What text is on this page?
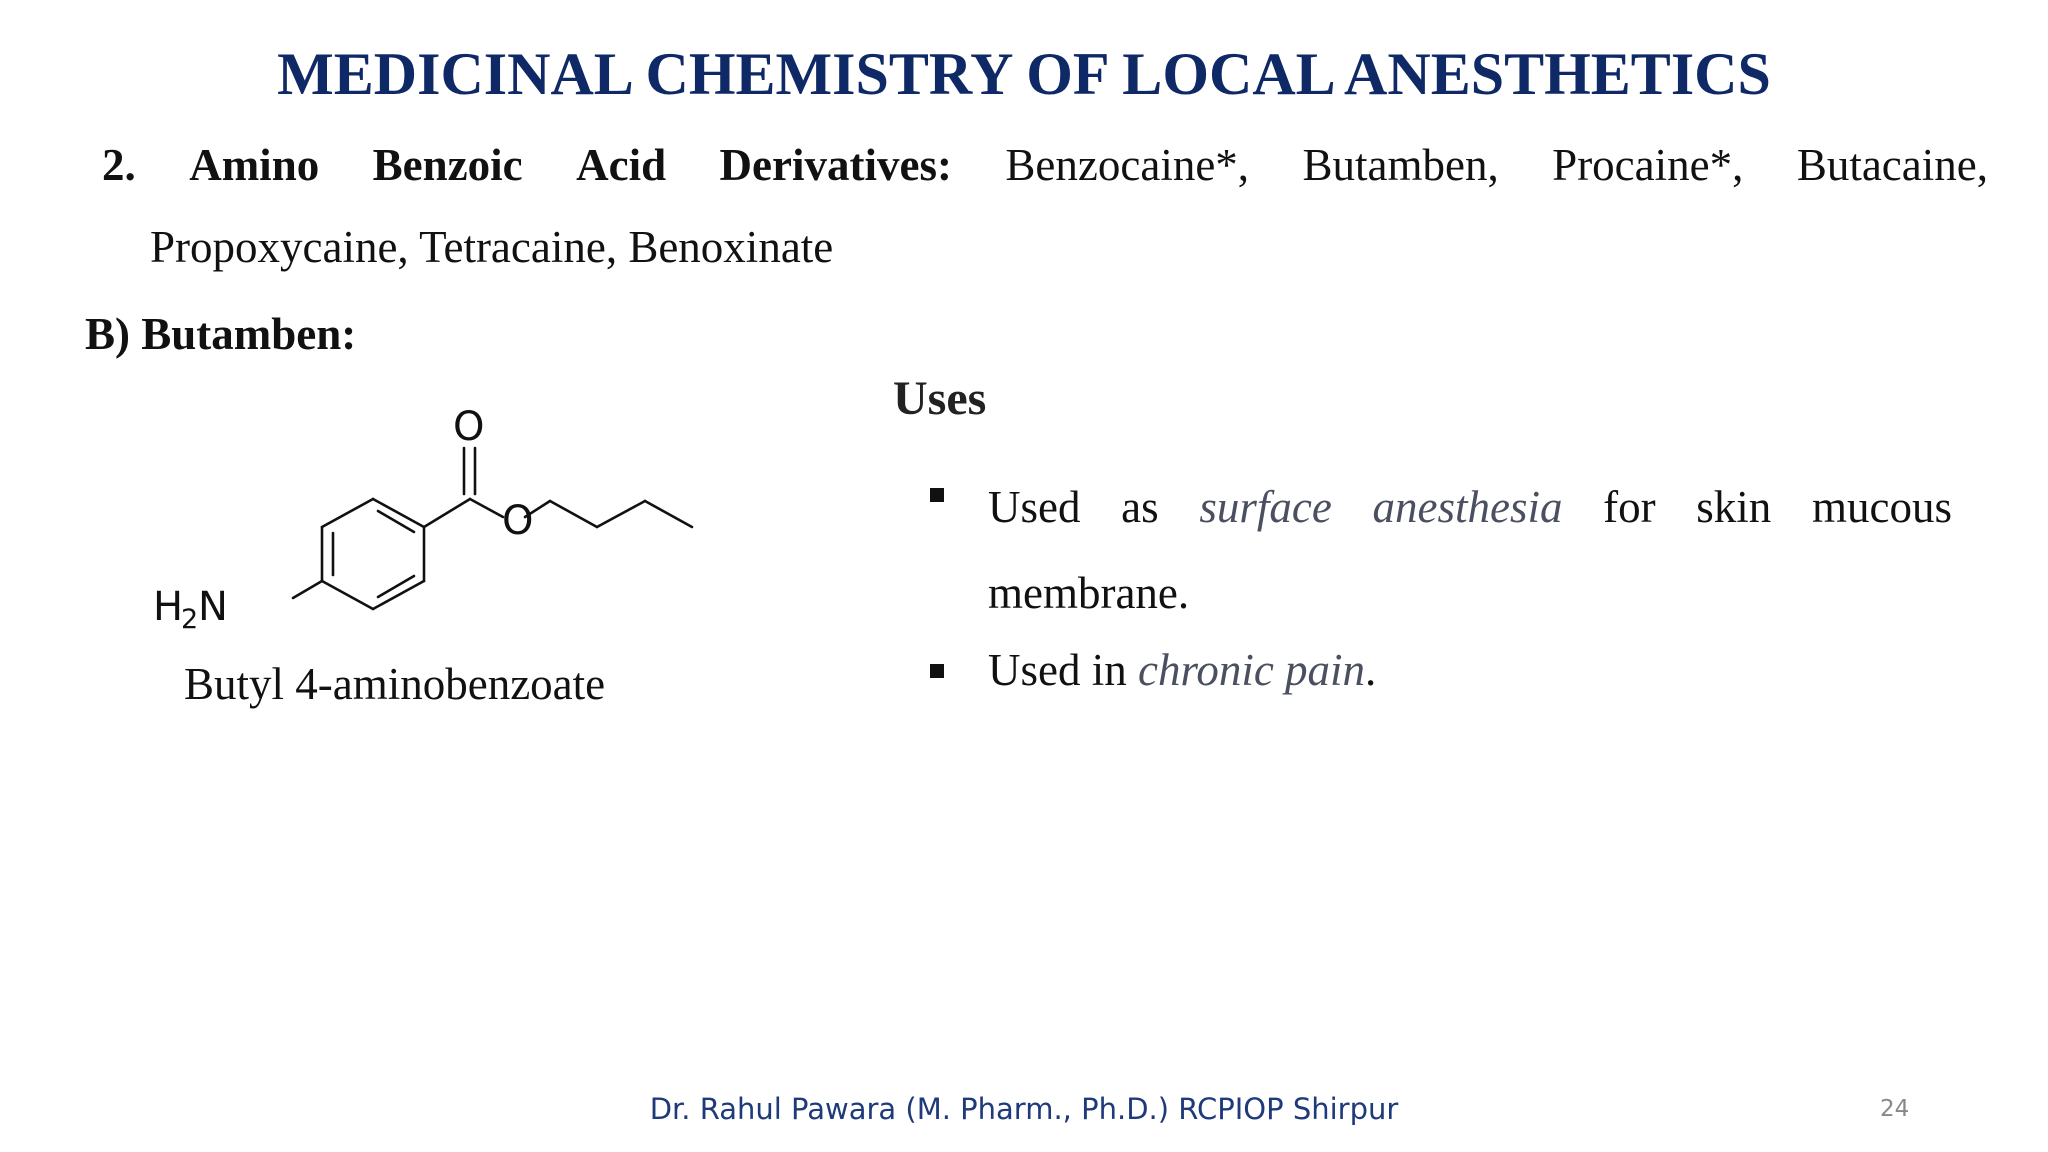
MEDICINAL CHEMISTRY OF LOCAL ANESTHETICS
2. Amino Benzoic Acid Derivatives: Benzocaine*, Butamben, Procaine*, Butacaine,
Propoxycaine, Tetracaine, Benoxinate
B) Butamben:
O
O
H
2 N
Butyl 4-aminobenzoate
Uses
Used as surface anesthesia for skin mucous
membrane.
Used in chronic pain.
Dr. Rahul Pawara (M. Pharm., Ph.D.) RCPIOP Shirpur	24
